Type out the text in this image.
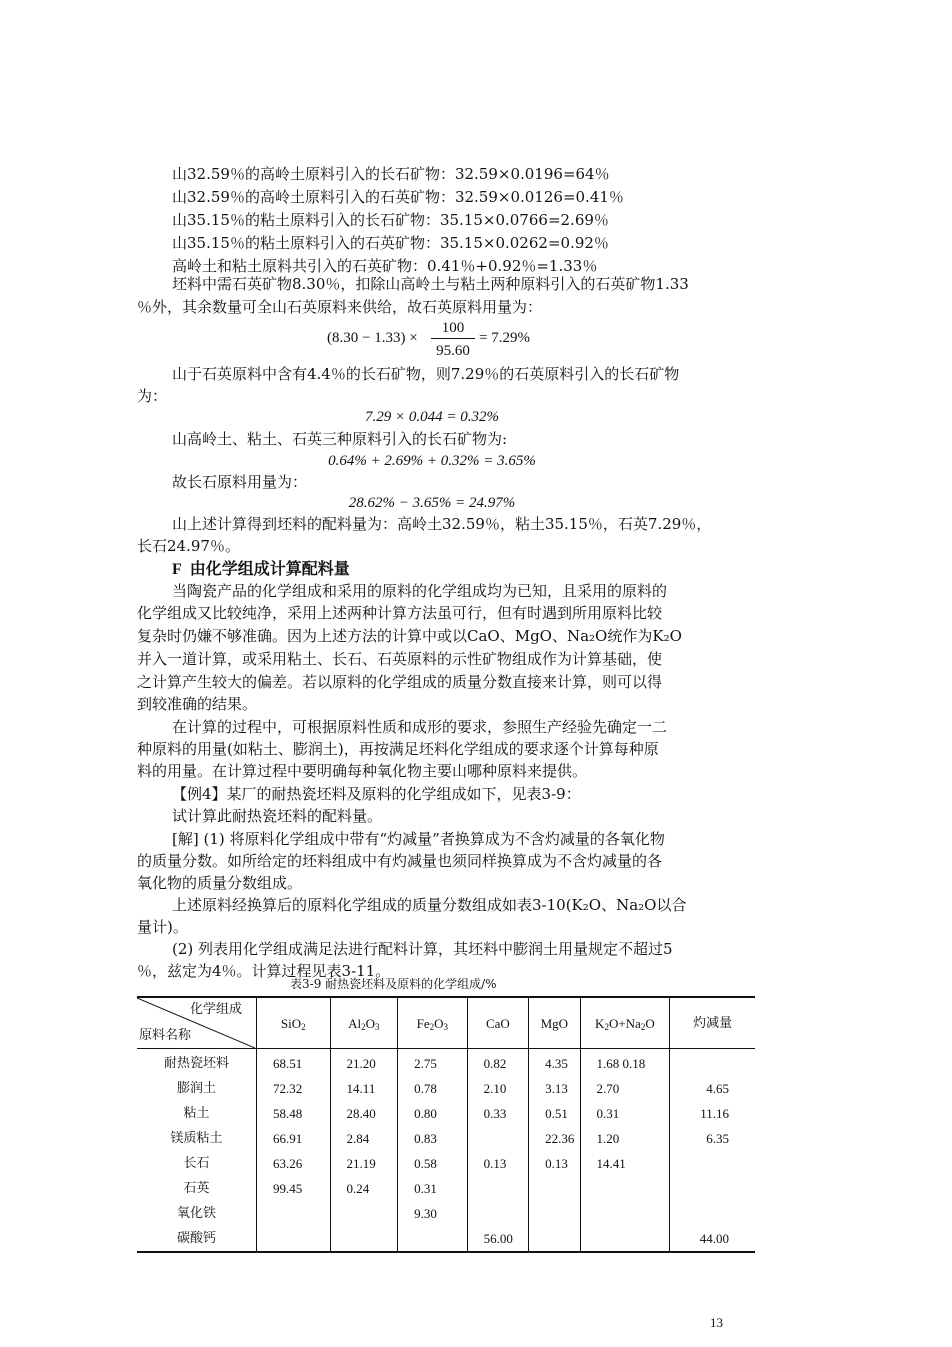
山32.59％的高岭土原料引入的长石矿物：32.59×0.0196=64％
山32.59％的高岭土原料引入的石英矿物：32.59×0.0126=0.41％
山35.15％的粘土原料引入的长石矿物：35.15×0.0766=2.69％
山35.15％的粘土原料引入的石英矿物：35.15×0.0262=0.92％
高岭土和粘土原料共引入的石英矿物：0.41％+0.92％=1.33％
坯料中需石英矿物8.30％，扣除山高岭土与粘土两种原料引入的石英矿物1.33
％外，其余数量可全山石英原料来供给，故石英原料用量为：
$(8.30 - 1.33) \times \frac{100}{95.60} = 7.29\%$
山于石英原料中含有4.4％的长石矿物，则7.29％的石英原料引入的长石矿物
为：
7.29 × 0.044 = 0.32%
山高岭土、粘土、石英三种原料引入的长石矿物为:
0.64% + 2.69% + 0.32% = 3.65%
故长石原料用量为：
28.62% − 3.65% = 24.97%
山上述计算得到坯料的配料量为：高岭土32.59％，粘土35.15％，石英7.29％，
长石24.97％。
F 由化学组成计算配料量
当陶瓷产品的化学组成和采用的原料的化学组成均为已知，且采用的原料的
化学组成又比较纯净，采用上述两种计算方法虽可行，但有时遇到所用原料比较
复杂时仍嫌不够准确。因为上述方法的计算中或以CaO、MgO、Na₂O统作为K₂O
并入一道计算，或采用粘土、长石、石英原料的示性矿物组成作为计算基础，使
之计算产生较大的偏差。若以原料的化学组成的质量分数直接来计算，则可以得
到较准确的结果。
在计算的过程中，可根据原料性质和成形的要求，参照生产经验先确定一二
种原料的用量(如粘土、膨润土)，再按满足坯料化学组成的要求逐个计算每种原
料的用量。在计算过程中要明确每种氧化物主要山哪种原料来提供。
【例4】某厂的耐热瓷坯料及原料的化学组成如下，见表3-9：
试计算此耐热瓷坯料的配料量。
[解] (1) 将原料化学组成中带有“灼减量”者换算成为不含灼减量的各氧化物
的质量分数。如所给定的坯料组成中有灼减量也须同样换算成为不含灼减量的各
氧化物的质量分数组成。
上述原料经换算后的原料化学组成的质量分数组成如表3-10(K₂O、Na₂O以合
量计)。
(2) 列表用化学组成满足法进行配料计算，其坯料中膨润土用量规定不超过5
％，兹定为4％。计算过程见表3-11。
表3-9 耐热瓷坯料及原料的化学组成/%
化学组成
原料名称	SiO$_2$	$Al_2O_3$	$Fe_2O_3$	CaO	MgO	$K_2O+Na_2O$	灼减量
耐热瓷坯料	68.51	21.20	2.75	0.82	4.35	1.68 0.18	
膨润土	72.32	14.11	0.78	2.10	3.13	2.70	4.65
粘土	58.48	28.40	0.80	0.33	0.51	0.31	11.16
镁质粘土	66.91	2.84	0.83		22.36	1.20	6.35
长石	63.26	21.19	0.58	0.13	0.13	14.41	
石英	99.45	0.24	0.31				
氧化铁			9.30				
碳酸钙				56.00			44.00
13
